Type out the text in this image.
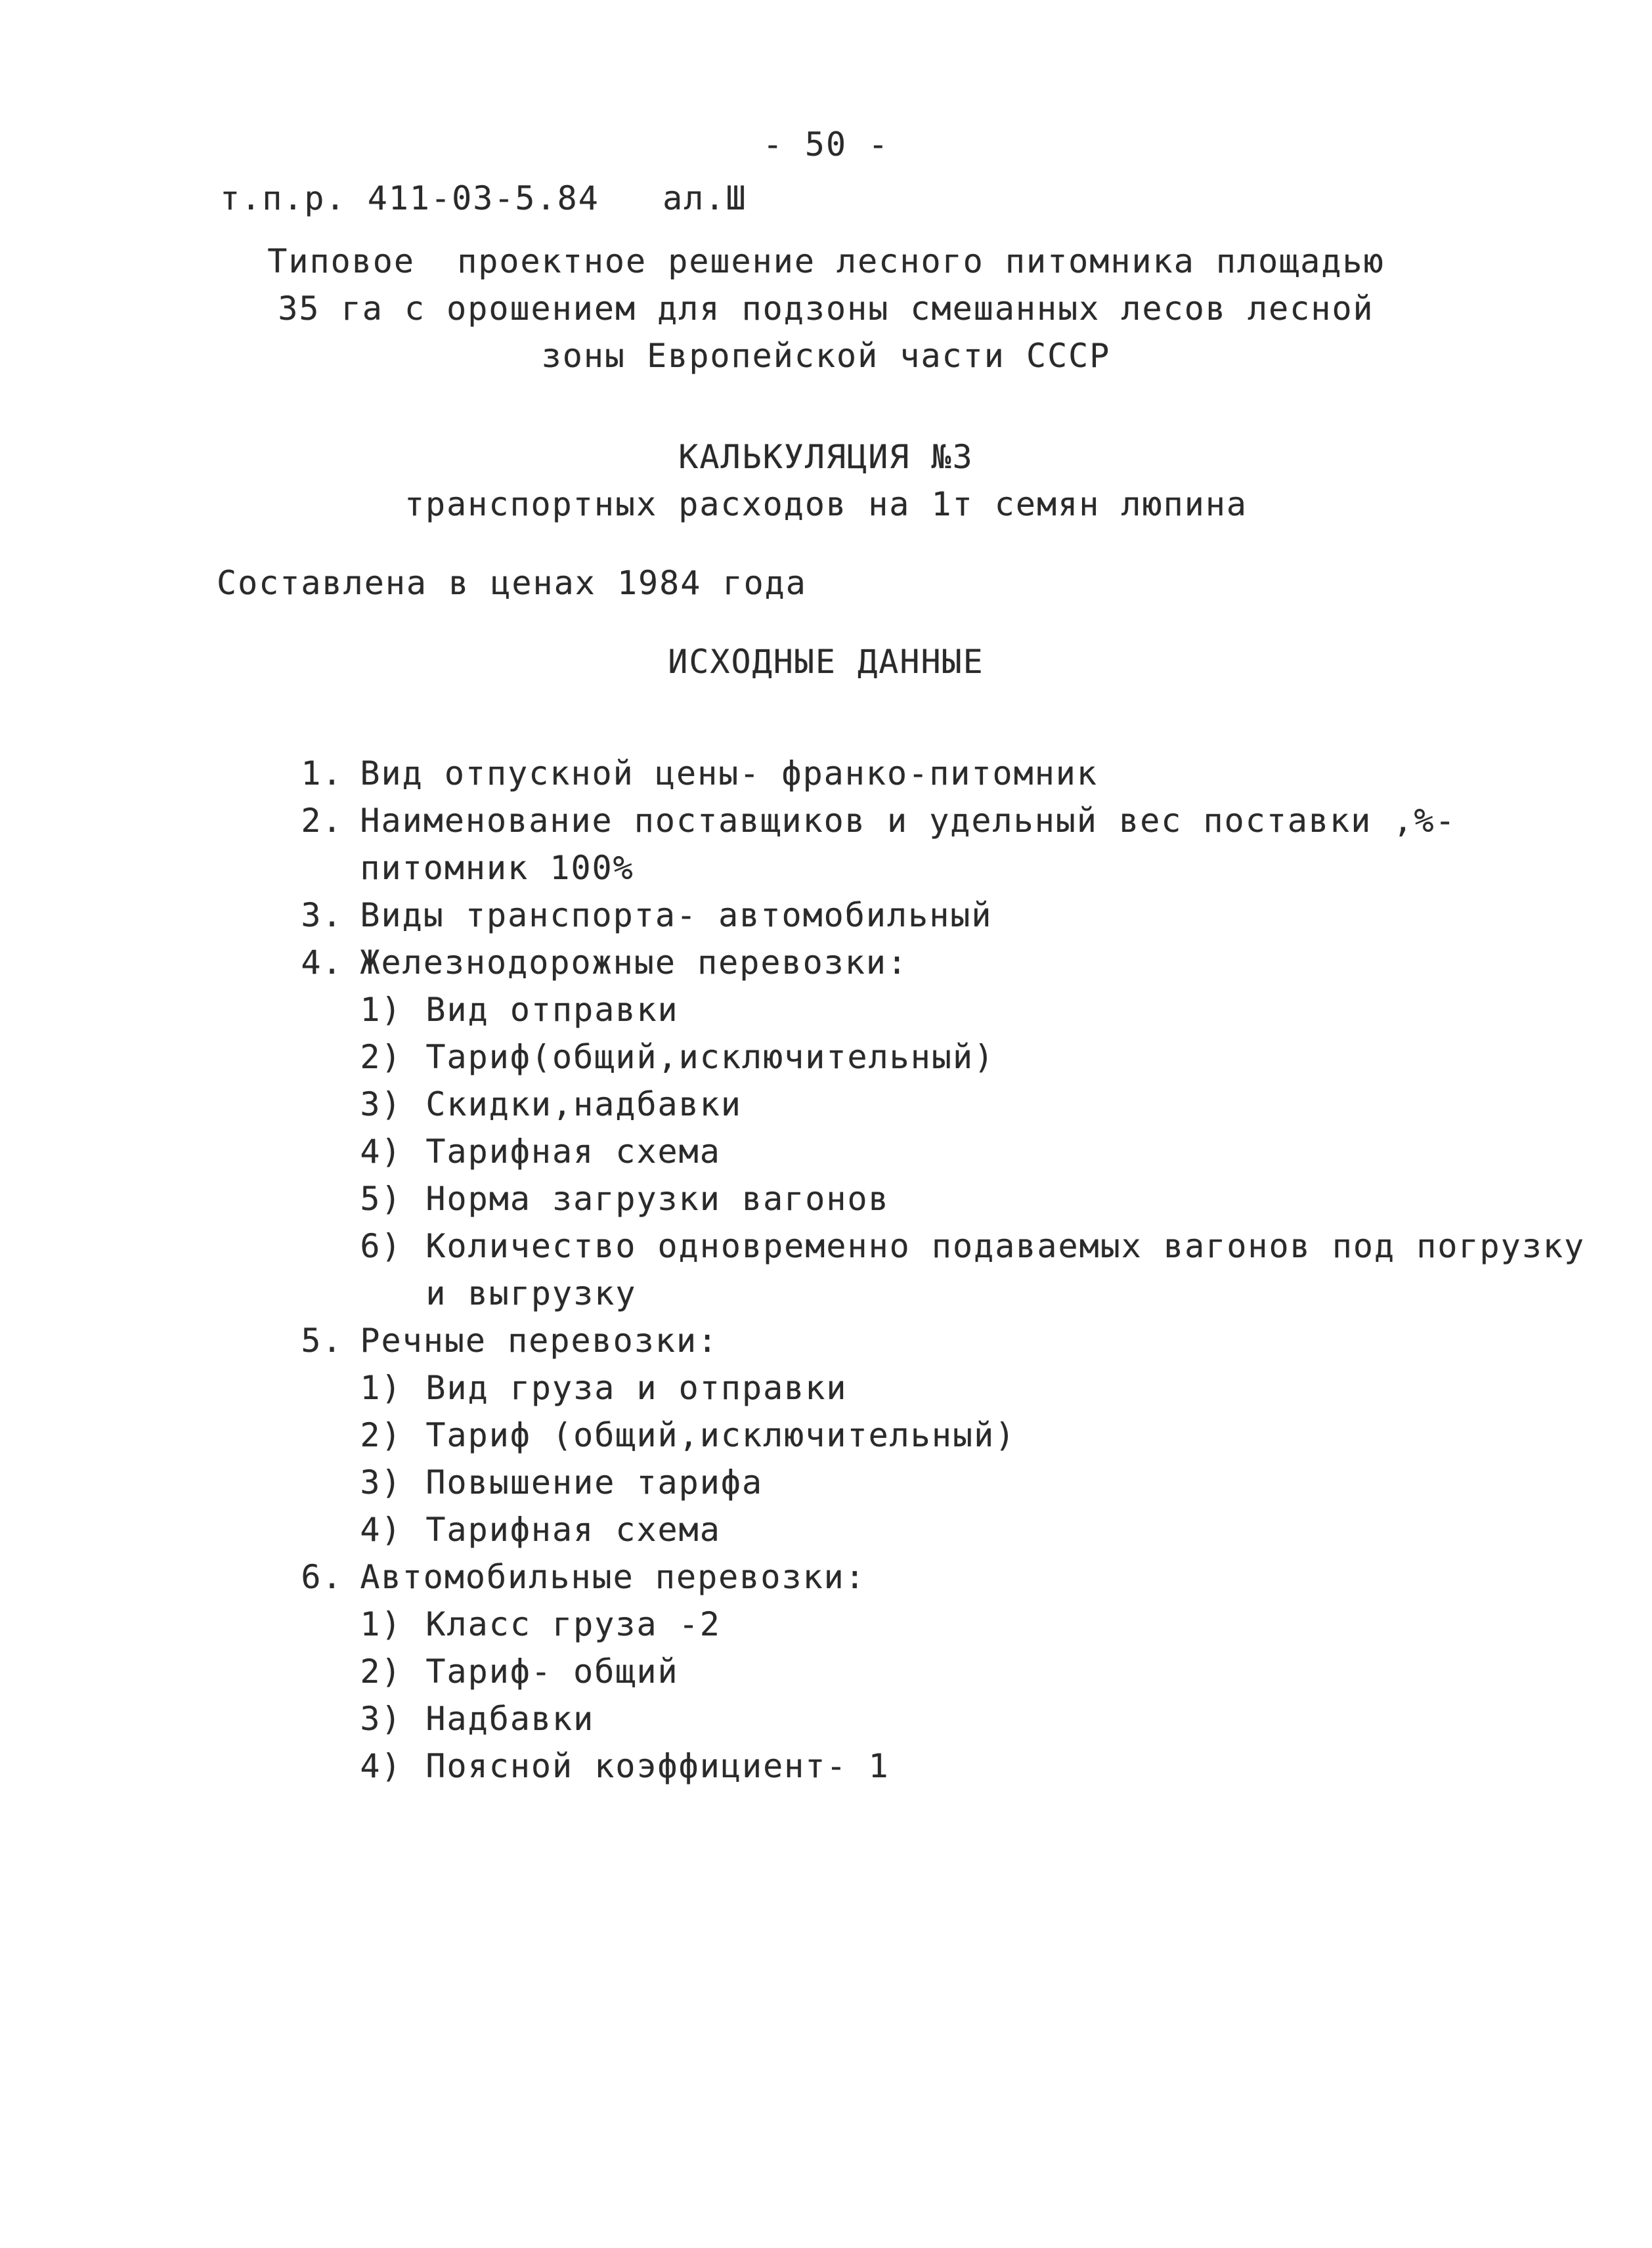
- 50 -
т.п.р. 411-03-5.84   ал.Ш
Типовое  проектное решение лесного питомника площадью
35 га с орошением для подзоны смешанных лесов лесной
зоны Европейской части СССР
КАЛЬКУЛЯЦИЯ №3
транспортных расходов на 1т семян люпина
Составлена в ценах 1984 года
ИСХОДНЫЕ ДАННЫЕ

1. Вид отпускной цены- франко-питомник

2. Наименование поставщиков и удельный вес поставки ,%-

питомник 100%

3. Виды транспорта- автомобильный

4. Железнодорожные перевозки:

1) Вид отправки

2) Тариф(общий,исключительный)

3) Скидки,надбавки

4) Тарифная схема

5) Норма загрузки вагонов

6) Количество одновременно подаваемых вагонов под погрузку

и выгрузку

5. Речные перевозки:

1) Вид груза и отправки

2) Тариф (общий,исключительный)

3) Повышение тарифа

4) Тарифная схема

6. Автомобильные перевозки:

1) Класс груза -2

2) Тариф- общий

3) Надбавки

4) Поясной коэффициент- 1
